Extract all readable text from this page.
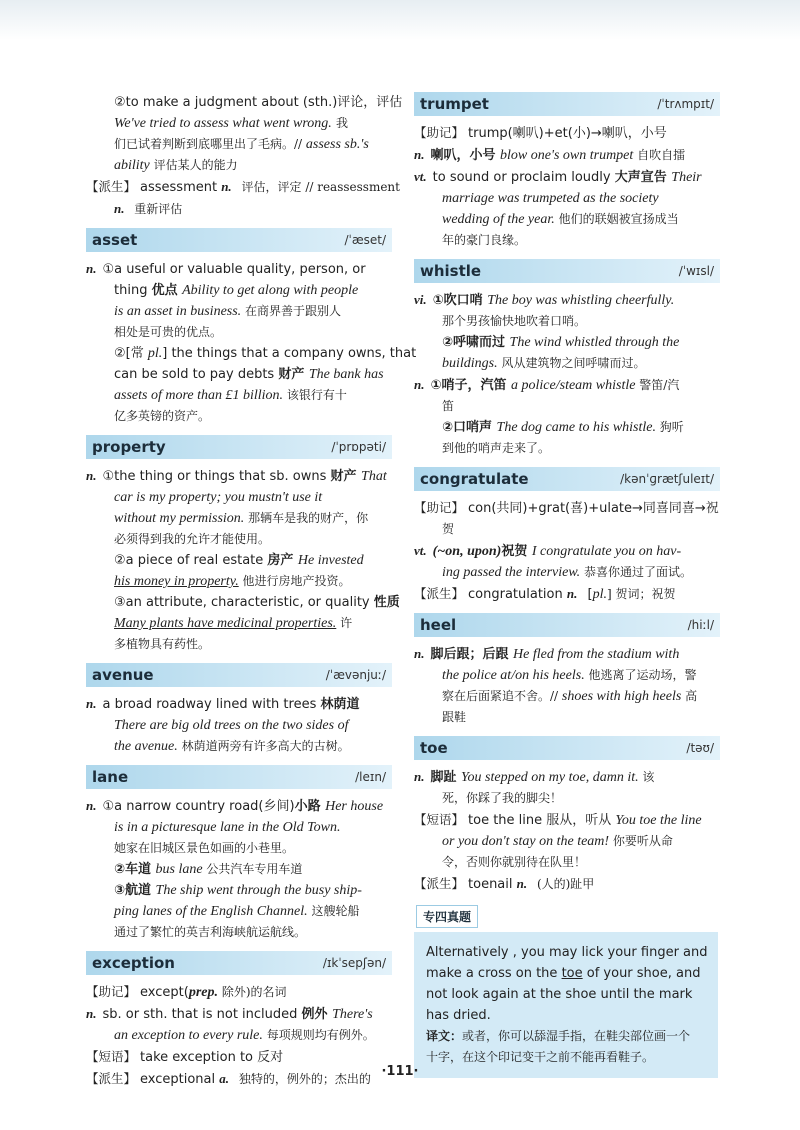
②to make a judgment about (sth.)评论，评估
We've tried to assess what went wrong. 我
们已试着判断到底哪里出了毛病。// assess sb.'s
ability 评估某人的能力
【派生】 assessment n. 评估，评定 // reassessment
n. 重新评估
asset	/ˈæset/
n. ①a useful or valuable quality, person, or
thing 优点 Ability to get along with people
is an asset in business. 在商界善于跟别人
相处是可贵的优点。
②[常 pl.] the things that a company owns, that
can be sold to pay debts 财产 The bank has
assets of more than £1 billion. 该银行有十
亿多英镑的资产。
property	/ˈprɒpəti/
n. ①the thing or things that sb. owns 财产 That
car is my property; you mustn't use it
without my permission. 那辆车是我的财产，你
必须得到我的允许才能使用。
②a piece of real estate 房产 He invested
his money in property. 他进行房地产投资。
③an attribute, characteristic, or quality 性质
Many plants have medicinal properties. 许
多植物具有药性。
avenue	/ˈævənjuː/
n. a broad roadway lined with trees 林荫道
There are big old trees on the two sides of
the avenue. 林荫道两旁有许多高大的古树。
lane	/leɪn/
n. ①a narrow country road(乡间)小路 Her house
is in a picturesque lane in the Old Town.
她家在旧城区景色如画的小巷里。
②车道 bus lane 公共汽车专用车道
③航道 The ship went through the busy ship-
ping lanes of the English Channel. 这艘轮船
通过了繁忙的英吉利海峡航运航线。
exception	/ɪkˈsepʃən/
【助记】 except(prep. 除外)的名词
n. sb. or sth. that is not included 例外 There's
an exception to every rule. 每项规则均有例外。
【短语】 take exception to 反对
【派生】 exceptional a. 独特的，例外的；杰出的
trumpet	/ˈtrʌmpɪt/
【助记】 trump(喇叭)+et(小)→喇叭，小号
n. 喇叭，小号 blow one's own trumpet 自吹自擂
vt. to sound or proclaim loudly 大声宣告 Their
marriage was trumpeted as the society
wedding of the year. 他们的联姻被宣扬成当
年的豪门良缘。
whistle	/ˈwɪsl/
vi. ①吹口哨 The boy was whistling cheerfully.
那个男孩愉快地吹着口哨。
②呼啸而过 The wind whistled through the
buildings. 风从建筑物之间呼啸而过。
n. ①哨子，汽笛 a police/steam whistle 警笛/汽
笛
②口哨声 The dog came to his whistle. 狗听
到他的哨声走来了。
congratulate	/kənˈɡrætʃuleɪt/
【助记】 con(共同)+grat(喜)+ulate→同喜同喜→祝
贺
vt. (~on, upon)祝贺 I congratulate you on hav-
ing passed the interview. 恭喜你通过了面试。
【派生】 congratulation n. [pl.] 贺词；祝贺
heel	/hiːl/
n. 脚后跟；后跟 He fled from the stadium with
the police at/on his heels. 他逃离了运动场，警
察在后面紧追不舍。// shoes with high heels 高
跟鞋
toe	/təʊ/
n. 脚趾 You stepped on my toe, damn it. 该
死，你踩了我的脚尖！
【短语】 toe the line 服从，听从 You toe the line
or you don't stay on the team! 你要听从命
令，否则你就别待在队里！
【派生】 toenail n. (人的)趾甲
专四真题
Alternatively , you may lick your finger and
make a cross on the toe of your shoe, and
not look again at the shoe until the mark
has dried.
译文：或者，你可以舔湿手指，在鞋尖部位画一个
十字，在这个印记变干之前不能再看鞋子。
·111·
